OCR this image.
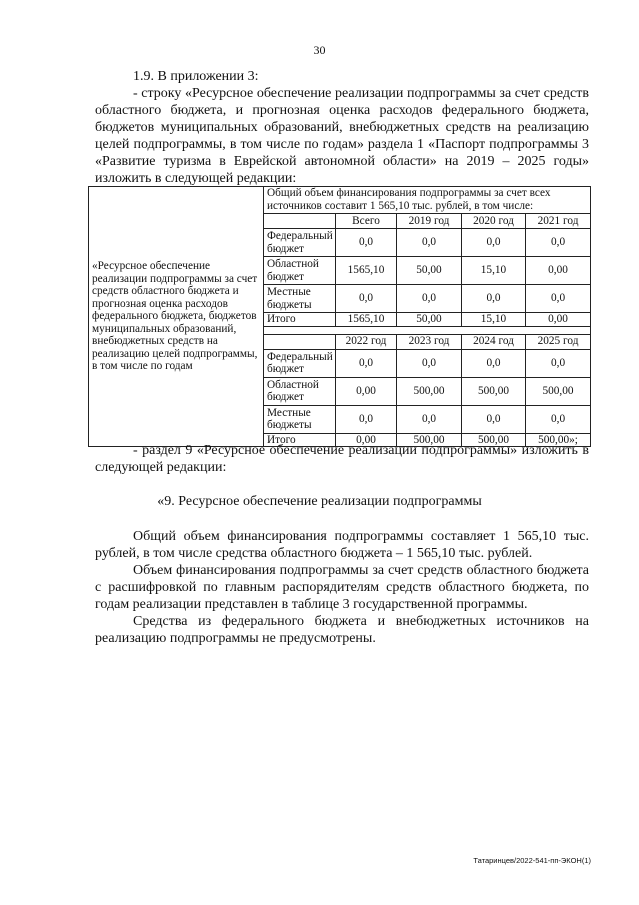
30

1.9. В приложении 3:

- строку «Ресурсное обеспечение реализации подпрограммы за счет средств областного бюджета, и прогнозная оценка расходов федерального бюджета, бюджетов муниципальных образований, внебюджетных средств на реализацию целей подпрограммы, в том числе по годам» раздела 1 «Паспорт подпрограммы 3 «Развитие туризма в Еврейской автономной области» на 2019 – 2025 годы» изложить в следующей редакции:

«Ресурсное обеспечение реализации подпрограммы за счет средств областного бюджета и прогнозная оценка расходов федерального бюджета, бюджетов муниципальных образований, внебюджетных средств на реализацию целей подпрограммы, в том числе по годам	Общий объем финансирования подпрограммы за счет всех источников составит 1 565,10 тыс. рублей, в том числе:				
		Всего	2019 год	2020 год	2021 год
	Федеральный бюджет	0,0	0,0	0,0	0,0
	Областной бюджет	1565,10	50,00	15,10	0,00
	Местные бюджеты	0,0	0,0	0,0	0,0
	Итого	1565,10	50,00	15,10	0,00

		2022 год	2023 год	2024 год	2025 год
	Федеральный бюджет	0,0	0,0	0,0	0,0
	Областной бюджет	0,00	500,00	500,00	500,00
	Местные бюджеты	0,0	0,0	0,0	0,0
	Итого	0,00	500,00	500,00	500,00»;

- раздел 9 «Ресурсное обеспечение реализации подпрограммы» изложить в следующей редакции:

«9. Ресурсное обеспечение реализации подпрограммы

Общий объем финансирования подпрограммы составляет 1 565,10 тыс. рублей, в том числе средства областного бюджета – 1 565,10 тыс. рублей.

Объем финансирования подпрограммы за счет средств областного бюджета с расшифровкой по главным распорядителям средств областного бюджета, по годам реализации представлен в таблице 3 государственной программы.

Средства из федерального бюджета и внебюджетных источников на реализацию подпрограммы не предусмотрены.

Татаринцев/2022-541-пп-ЭКОН(1)
